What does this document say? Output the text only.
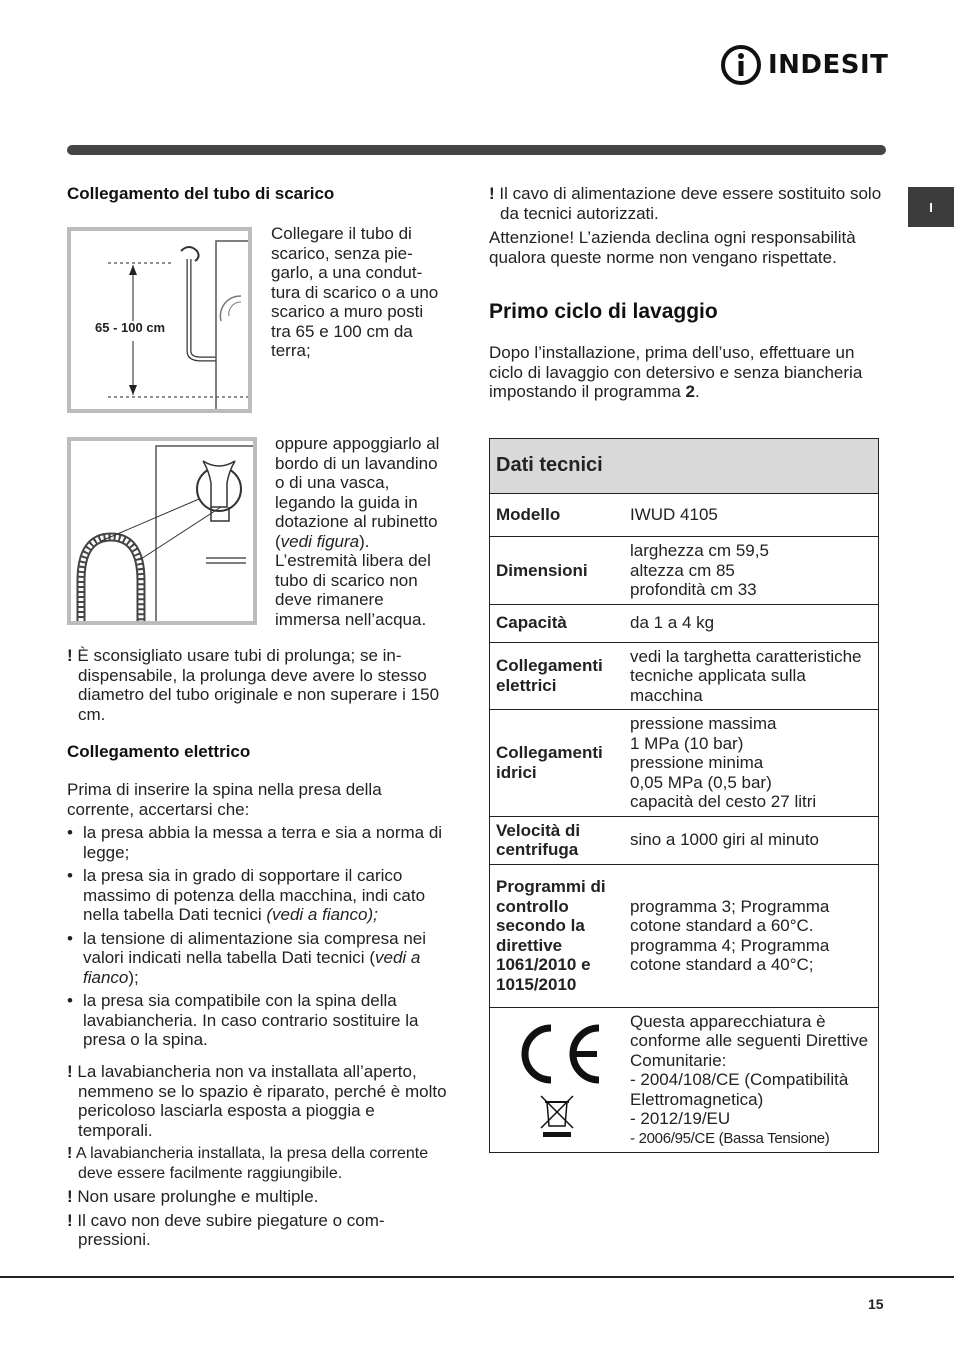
INDESIT
I
Collegamento del tubo di scarico
65 - 100 cm
Collegare il tubo di scarico, senza piegarlo, a una conduttura di scarico o a uno scarico a muro posti tra 65 e 100 cm da terra;
oppure appoggiarlo al bordo di un lavandino o di una vasca, legando la guida in dotazione al rubinetto (vedi figura). L’estremità libera del tubo di scarico non deve rimanere immersa nell’acqua.
! È sconsigliato usare tubi di prolunga; se indispensabile, la prolunga deve avere lo stesso diametro del tubo originale e non superare i 150 cm.
Collegamento elettrico
Prima di inserire la spina nella presa della corrente, accertarsi che:
• la presa abbia la messa a terra e sia a norma di legge;
• la presa sia in grado di sopportare il carico massimo di potenza della macchina, indi cato nella tabella Dati tecnici (vedi a fianco);
• la tensione di alimentazione sia compresa nei valori indicati nella tabella Dati tecnici (vedi a fianco);
• la presa sia compatibile con la spina della lavabiancheria. In caso contrario sostituire la presa o la spina.
! La lavabiancheria non va installata all’aperto, nemmeno se lo spazio è riparato, perché è molto pericoloso lasciarla esposta a pioggia e temporali.
! A lavabiancheria installata, la presa della corrente deve essere facilmente raggiungibile.
! Non usare prolunghe e multiple.
! Il cavo non deve subire piegature o compressioni.
! Il cavo di alimentazione deve essere sostituito solo da tecnici autorizzati.
Attenzione! L’azienda declina ogni responsabilità qualora queste norme non vengano rispettate.
Primo ciclo di lavaggio
Dopo l’installazione, prima dell’uso, effettuare un ciclo di lavaggio con detersivo e senza biancheria impostando il programma 2.
Dati tecnici	
Modello	IWUD 4105
Dimensioni	larghezza cm 59,5
altezza cm 85
profondità cm 33
Capacità	da 1 a 4 kg
Collegamenti elettrici	vedi la targhetta caratteristiche tecniche applicata sulla macchina
Collegamenti idrici	pressione massima
1 MPa (10 bar)
pressione minima
0,05 MPa (0,5 bar)
capacità del cesto 27 litri
Velocità di centrifuga	sino a 1000 giri al minuto
Programmi di controllo secondo la direttive 1061/2010 e 1015/2010	programma 3; Programma cotone standard a 60°C.
programma 4; Programma cotone standard a 40°C;

Questa apparecchiatura è conforme alle seguenti Direttive Comunitarie:
- 2004/108/CE (Compatibilità Elettromagnetica)
- 2012/19/EU
- 2006/95/CE (Bassa Tensione)
15
